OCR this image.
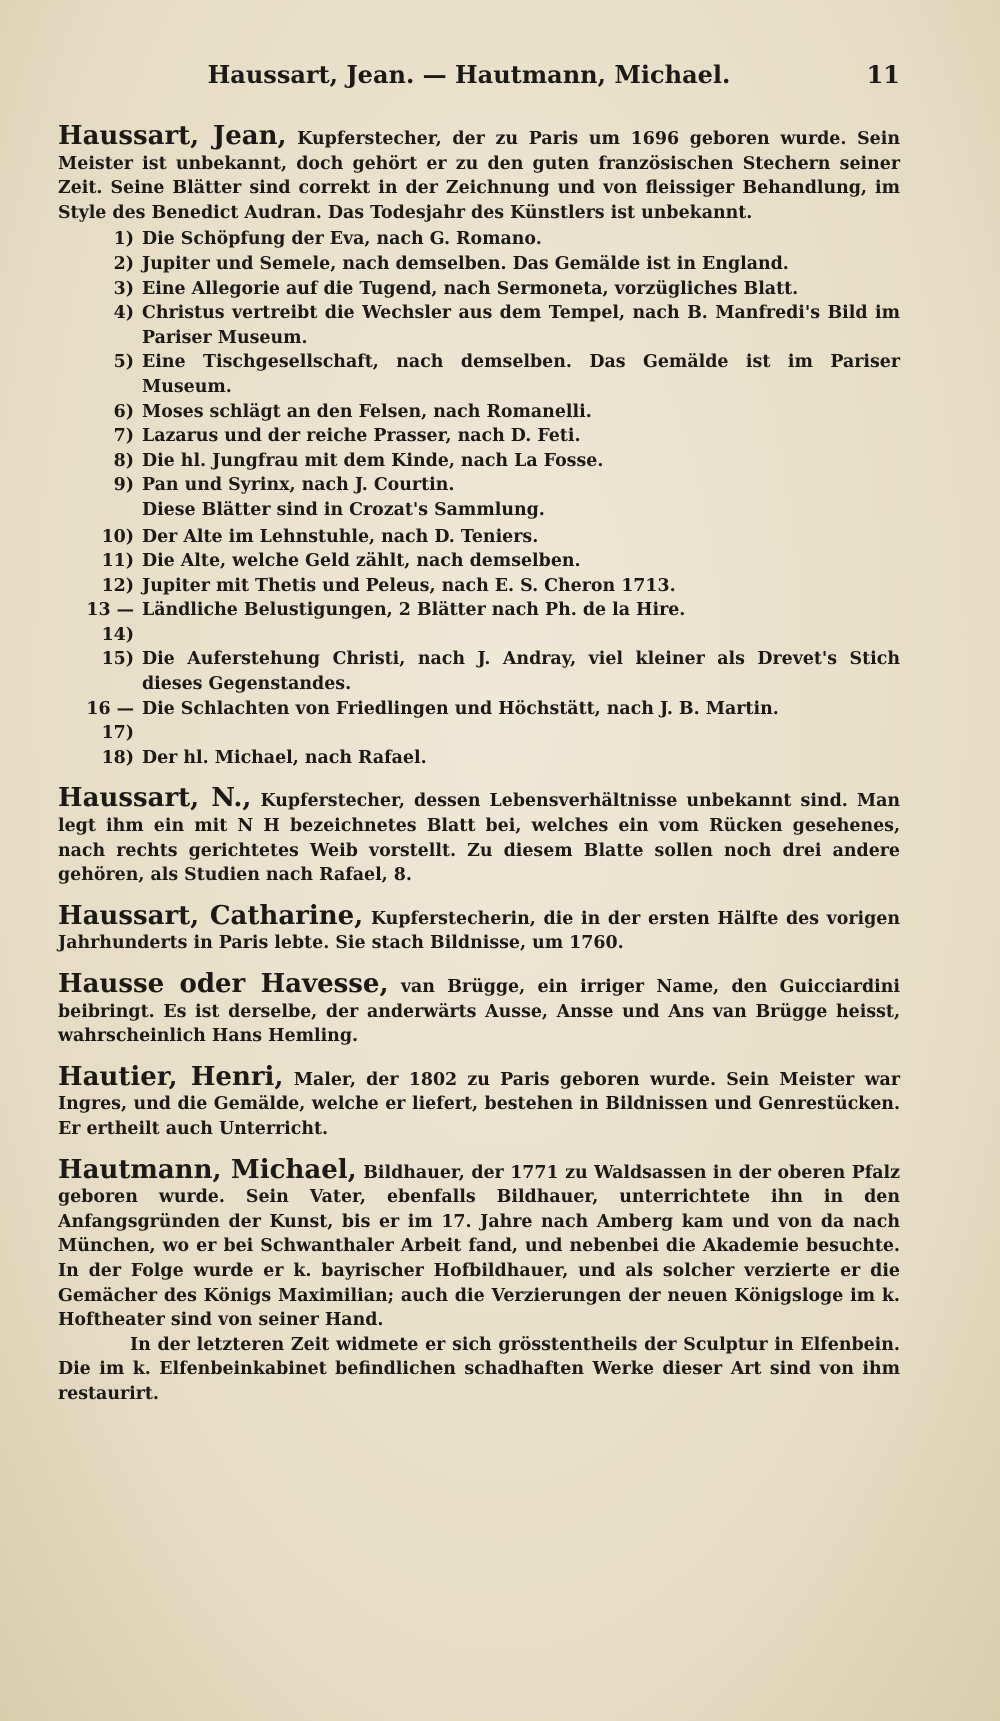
Haussart, Jean. — Hautmann, Michael.	11

Haussart, Jean, Kupferstecher, der zu Paris um 1696 geboren wurde. Sein Meister ist unbekannt, doch gehört er zu den guten französischen Stechern seiner Zeit. Seine Blätter sind correkt in der Zeichnung und von fleissiger Behandlung, im Style des Benedict Audran. Das Todesjahr des Künstlers ist unbekannt.

1) Die Schöpfung der Eva, nach G. Romano.
2) Jupiter und Semele, nach demselben. Das Gemälde ist in England.
3) Eine Allegorie auf die Tugend, nach Sermoneta, vorzügliches Blatt.
4) Christus vertreibt die Wechsler aus dem Tempel, nach B. Manfredi's Bild im Pariser Museum.
5) Eine Tischgesellschaft, nach demselben. Das Gemälde ist im Pariser Museum.
6) Moses schlägt an den Felsen, nach Romanelli.
7) Lazarus und der reiche Prasser, nach D. Feti.
8) Die hl. Jungfrau mit dem Kinde, nach La Fosse.
9) Pan und Syrinx, nach J. Courtin.
Diese Blätter sind in Crozat's Sammlung.
10) Der Alte im Lehnstuhle, nach D. Teniers.
11) Die Alte, welche Geld zählt, nach demselben.
12) Jupiter mit Thetis und Peleus, nach E. S. Cheron 1713.
13 — 14)
Ländliche Belustigungen, 2 Blätter nach Ph. de la Hire.
15) Die Auferstehung Christi, nach J. Andray, viel kleiner als Drevet's Stich dieses Gegenstandes.
16 — 17)
Die Schlachten von Friedlingen und Höchstätt, nach J. B. Martin.
18) Der hl. Michael, nach Rafael.

Haussart, N., Kupferstecher, dessen Lebensverhältnisse unbekannt sind. Man legt ihm ein mit N H bezeichnetes Blatt bei, welches ein vom Rücken gesehenes, nach rechts gerichtetes Weib vorstellt. Zu diesem Blatte sollen noch drei andere gehören, als Studien nach Rafael, 8.

Haussart, Catharine, Kupferstecherin, die in der ersten Hälfte des vorigen Jahrhunderts in Paris lebte. Sie stach Bildnisse, um 1760.

Hausse oder Havesse, van Brügge, ein irriger Name, den Guicciardini beibringt. Es ist derselbe, der anderwärts Ausse, Ansse und Ans van Brügge heisst, wahrscheinlich Hans Hemling.

Hautier, Henri, Maler, der 1802 zu Paris geboren wurde. Sein Meister war Ingres, und die Gemälde, welche er liefert, bestehen in Bildnissen und Genrestücken. Er ertheilt auch Unterricht.

Hautmann, Michael, Bildhauer, der 1771 zu Waldsassen in der oberen Pfalz geboren wurde. Sein Vater, ebenfalls Bildhauer, unterrichtete ihn in den Anfangsgründen der Kunst, bis er im 17. Jahre nach Amberg kam und von da nach München, wo er bei Schwanthaler Arbeit fand, und nebenbei die Akademie besuchte. In der Folge wurde er k. bayrischer Hofbildhauer, und als solcher verzierte er die Gemächer des Königs Maximilian; auch die Verzierungen der neuen Königsloge im k. Hoftheater sind von seiner Hand.

In der letzteren Zeit widmete er sich grösstentheils der Sculptur in Elfenbein. Die im k. Elfenbeinkabinet befindlichen schadhaften Werke dieser Art sind von ihm restaurirt.
